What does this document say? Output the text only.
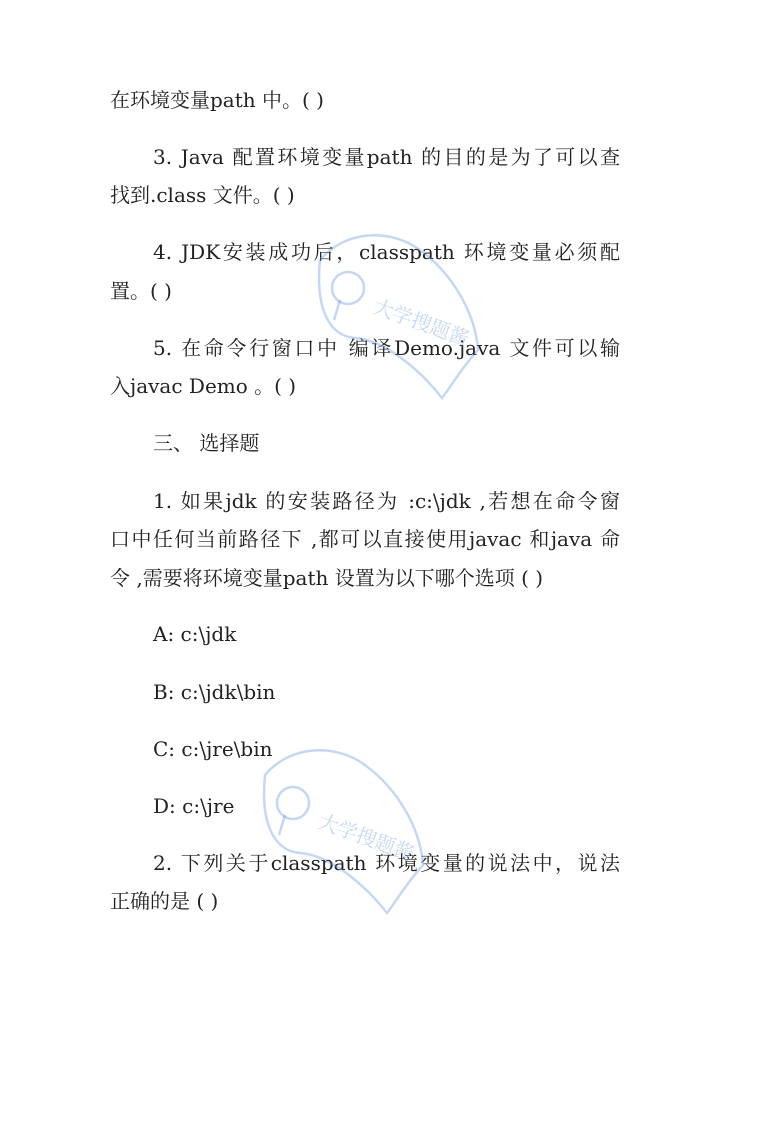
在环境变量path 中。( )
3. Java 配置环境变量path 的目的是为了可以查
找到.class 文件。( )
4. JDK安装成功后，classpath 环境变量必须配
置。( )
5. 在命令行窗口中 编译Demo.java 文件可以输
入javac Demo 。( )
三、 选择题
1. 如果jdk 的安装路径为 :c:\jdk ,若想在命令窗
口中任何当前路径下 ,都可以直接使用javac 和java 命
令 ,需要将环境变量path 设置为以下哪个选项 ( )
A: c:\jdk
B: c:\jdk\bin
C: c:\jre\bin
D: c:\jre
2. 下列关于classpath 环境变量的说法中，说法
正确的是 ( )
大学搜题酱
大学搜题酱
